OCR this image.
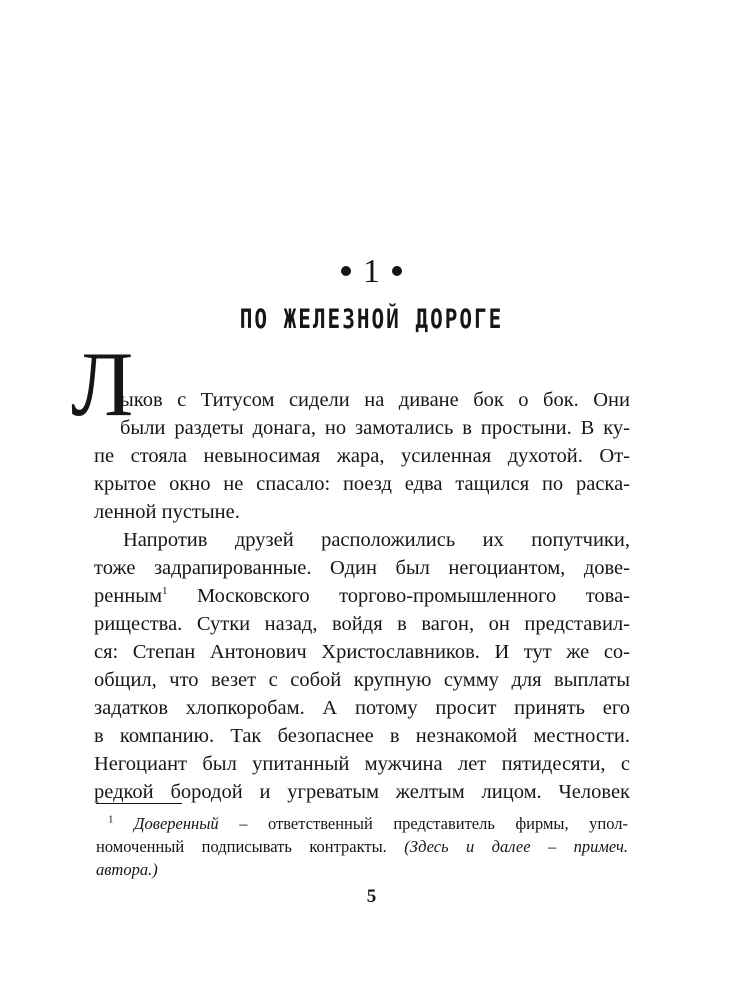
1
ПО ЖЕЛЕЗНОЙ ДОРОГЕ
Л
ыков с Титусом сидели на диване бок о бок. Они
были раздеты донага, но замотались в простыни. В ку-
пе стояла невыносимая жара, усиленная духотой. От-
крытое окно не спасало: поезд едва тащился по раска-
ленной пустыне.
Напротив друзей расположились их попутчики,
тоже задрапированные. Один был негоциантом, дове-
ренным$^1$ Московского торгово-промышленного това-
рищества. Сутки назад, войдя в вагон, он представил-
ся: Степан Антонович Христославников. И тут же со-
общил, что везет с собой крупную сумму для выплаты
задатков хлопкоробам. А потому просит принять его
в компанию. Так безопаснее в незнакомой местности.
Негоциант был упитанный мужчина лет пятидесяти, с
редкой бородой и угреватым желтым лицом. Человек
$^1$ Доверенный – ответственный представитель фирмы, упол-
номоченный подписывать контракты. (Здесь и далее – примеч.
автора.)
5
